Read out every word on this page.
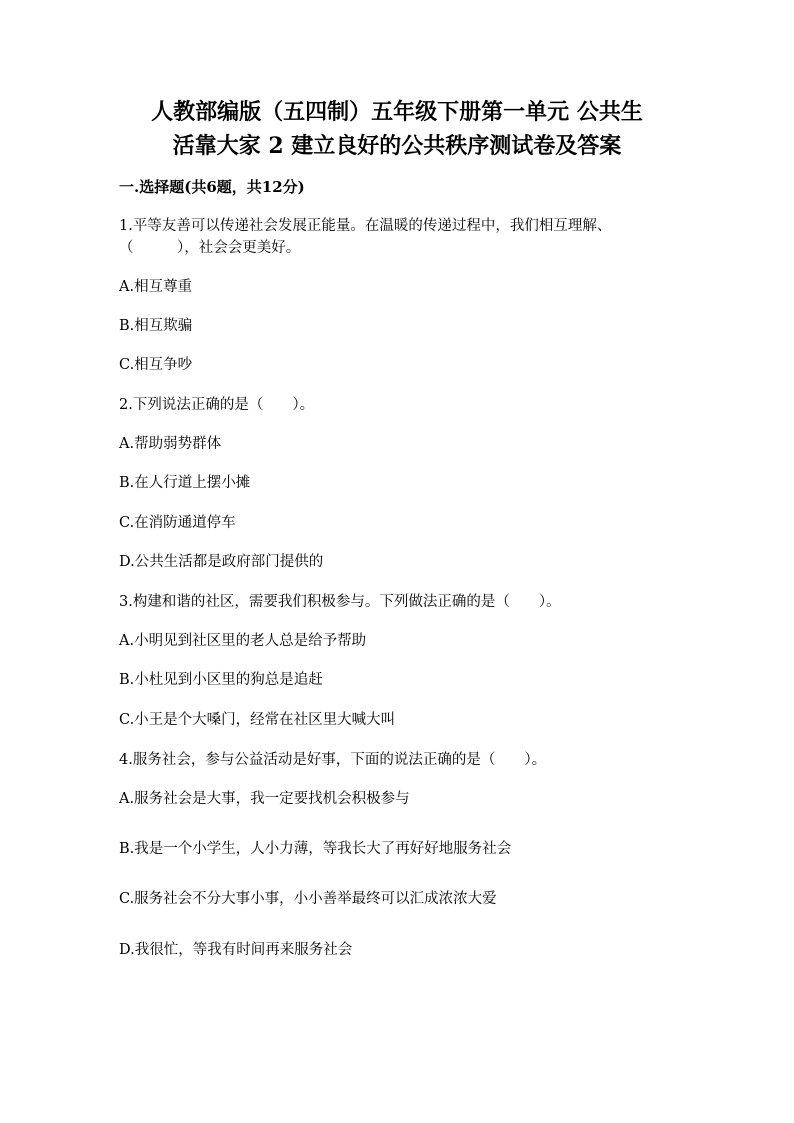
人教部编版（五四制）五年级下册第一单元 公共生
活靠大家 2 建立良好的公共秩序测试卷及答案
一.选择题(共6题，共12分)
1.平等友善可以传递社会发展正能量。在温暖的传递过程中，我们相互理解、
（　　　），社会会更美好。
A.相互尊重
B.相互欺骗
C.相互争吵
2.下列说法正确的是（　　）。
A.帮助弱势群体
B.在人行道上摆小摊
C.在消防通道停车
D.公共生活都是政府部门提供的
3.构建和谐的社区，需要我们积极参与。下列做法正确的是（　　）。
A.小明见到社区里的老人总是给予帮助
B.小杜见到小区里的狗总是追赶
C.小王是个大嗓门，经常在社区里大喊大叫
4.服务社会，参与公益活动是好事，下面的说法正确的是（　　）。
A.服务社会是大事，我一定要找机会积极参与
B.我是一个小学生，人小力薄，等我长大了再好好地服务社会
C.服务社会不分大事小事，小小善举最终可以汇成浓浓大爱
D.我很忙，等我有时间再来服务社会
